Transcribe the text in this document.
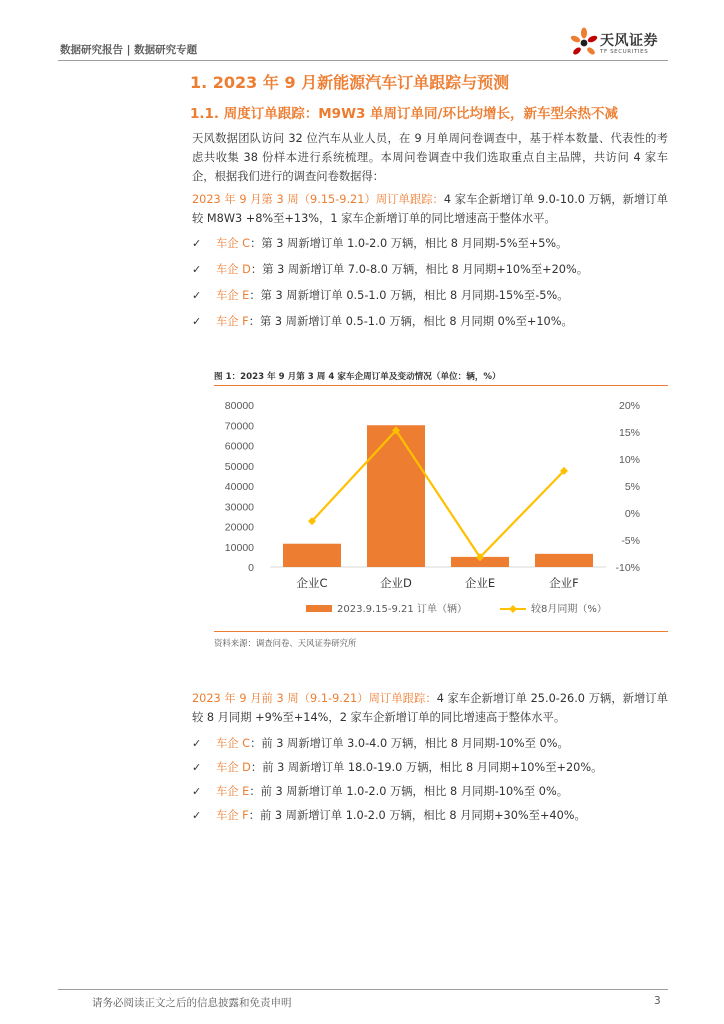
数据研究报告 | 数据研究专题
天风证券
TF SECURITIES
1. 2023 年 9 月新能源汽车订单跟踪与预测
1.1. 周度订单跟踪：M9W3 单周订单同/环比均增长，新车型余热不减
天风数据团队访问 32 位汽车从业人员，在 9 月单周问卷调查中，基于样本数量、代表性的考虑共收集 38 份样本进行系统梳理。本周问卷调查中我们选取重点自主品牌，共访问 4 家车企，根据我们进行的调查问卷数据得：
2023 年 9 月第 3 周（9.15-9.21）周订单跟踪：4 家车企新增订单 9.0-10.0 万辆，新增订单较 M8W3 +8%至+13%，1 家车企新增订单的同比增速高于整体水平。
✓ 车企 C：第 3 周新增订单 1.0-2.0 万辆，相比 8 月同期-5%至+5%。
✓ 车企 D：第 3 周新增订单 7.0-8.0 万辆，相比 8 月同期+10%至+20%。
✓ 车企 E：第 3 周新增订单 0.5-1.0 万辆，相比 8 月同期-15%至-5%。
✓ 车企 F：第 3 周新增订单 0.5-1.0 万辆，相比 8 月同期 0%至+10%。
图 1：2023 年 9 月第 3 周 4 家车企周订单及变动情况（单位：辆，%）
0
10000
20000
30000
40000
50000
60000
70000
80000
-10%
-5%
0%
5%
10%
15%
20%
企业C	企业D	企业E	企业F
2023.9.15-9.21 订单（辆）	较8月同期（%）
资料来源：调查问卷、天风证券研究所
2023 年 9 月前 3 周（9.1-9.21）周订单跟踪：4 家车企新增订单 25.0-26.0 万辆，新增订单较 8 月同期 +9%至+14%，2 家车企新增订单的同比增速高于整体水平。
✓ 车企 C：前 3 周新增订单 3.0-4.0 万辆，相比 8 月同期-10%至 0%。
✓ 车企 D：前 3 周新增订单 18.0-19.0 万辆，相比 8 月同期+10%至+20%。
✓ 车企 E：前 3 周新增订单 1.0-2.0 万辆，相比 8 月同期-10%至 0%。
✓ 车企 F：前 3 周新增订单 1.0-2.0 万辆，相比 8 月同期+30%至+40%。
请务必阅读正文之后的信息披露和免责申明	3
